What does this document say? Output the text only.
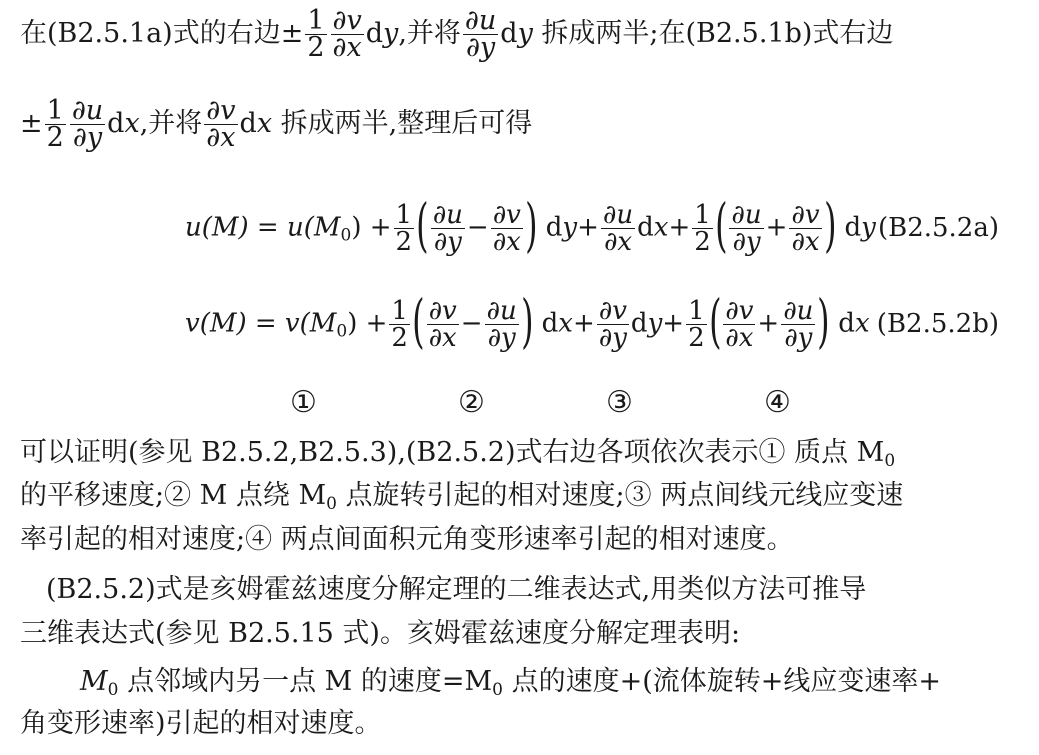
在(B2.5.1a)式的右边± $\frac{1}{2} \frac{\partial v}{\partial x}$ dy,并将 $\frac{\partial u}{\partial y}$ dy 拆成两半;在(B2.5.1b)式右边
± $\frac{1}{2} \frac{\partial u}{\partial y}$ dx,并将 $\frac{\partial v}{\partial x}$ dx 拆成两半,整理后可得
$u(M) = u(M_0) + \frac{1}{2}$ ( $\frac{\partial u}{\partial y} - \frac{\partial v}{\partial x}$ ) $dy+ \frac{\partial u}{\partial x} dx+ \frac{1}{2}$ ( $\frac{\partial u}{\partial y} + \frac{\partial v}{\partial x}$ ) dy (B2.5.2a)
$v(M) = v(M_0) + \frac{1}{2}$ ( $\frac{\partial v}{\partial x} - \frac{\partial u}{\partial y}$ ) $dx+ \frac{\partial v}{\partial y} dy+ \frac{1}{2}$ ( $\frac{\partial v}{\partial x} + \frac{\partial u}{\partial y}$ ) dx (B2.5.2b)
①	②	③	④
可以证明(参见 B2.5.2,B2.5.3),(B2.5.2)式右边各项依次表示① 质点 $M_0$
的平移速度;② M 点绕 $M_0$ 点旋转引起的相对速度;③ 两点间线元线应变速
率引起的相对速度;④ 两点间面积元角变形速率引起的相对速度。
(B2.5.2)式是亥姆霍兹速度分解定理的二维表达式,用类似方法可推导
三维表达式(参见 B2.5.15 式)。亥姆霍兹速度分解定理表明:
$M_0$ 点邻域内另一点 M 的速度$=M_0$ 点的速度+(流体旋转+线应变速率+
角变形速率)引起的相对速度。
